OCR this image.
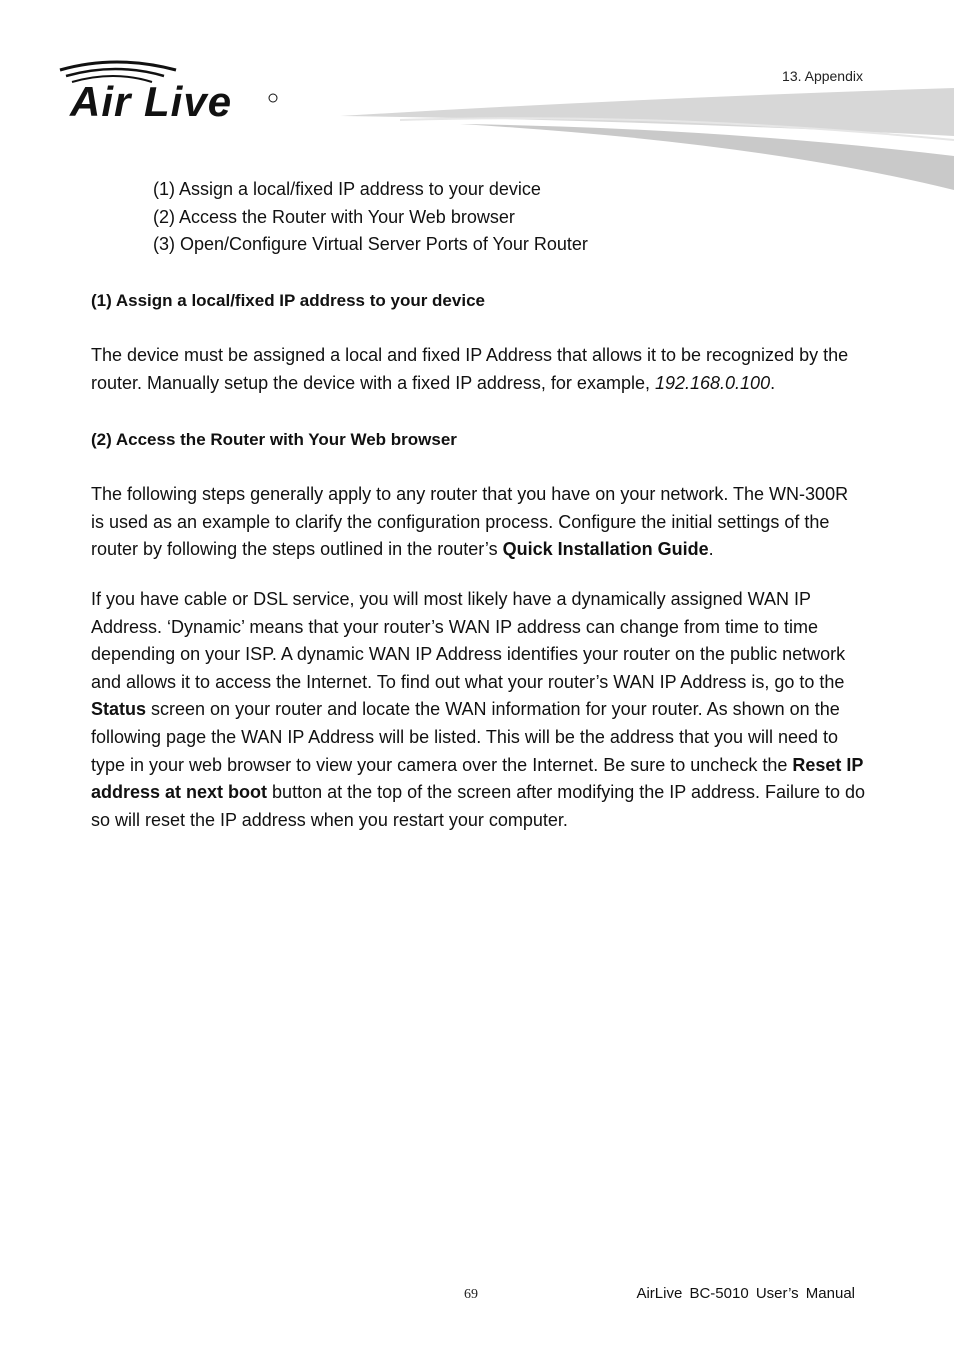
Air Live
13. Appendix
(1) Assign a local/fixed IP address to your device
(2) Access the Router with Your Web browser
(3) Open/Configure Virtual Server Ports of Your Router
(1) Assign a local/fixed IP address to your device

The device must be assigned a local and fixed IP Address that allows it to be recognized by the router. Manually setup the device with a fixed IP address, for example, 192.168.0.100.

(2) Access the Router with Your Web browser

The following steps generally apply to any router that you have on your network. The WN-300R is used as an example to clarify the configuration process. Configure the initial settings of the router by following the steps outlined in the router’s Quick Installation Guide.

If you have cable or DSL service, you will most likely have a dynamically assigned WAN IP Address. ‘Dynamic’ means that your router’s WAN IP address can change from time to time depending on your ISP. A dynamic WAN IP Address identifies your router on the public network and allows it to access the Internet. To find out what your router’s WAN IP Address is, go to the Status screen on your router and locate the WAN information for your router. As shown on the following page the WAN IP Address will be listed. This will be the address that you will need to type in your web browser to view your camera over the Internet. Be sure to uncheck the Reset IP address at next boot button at the top of the screen after modifying the IP address. Failure to do so will reset the IP address when you restart your computer.

69	AirLive BC-5010 User’s Manual
